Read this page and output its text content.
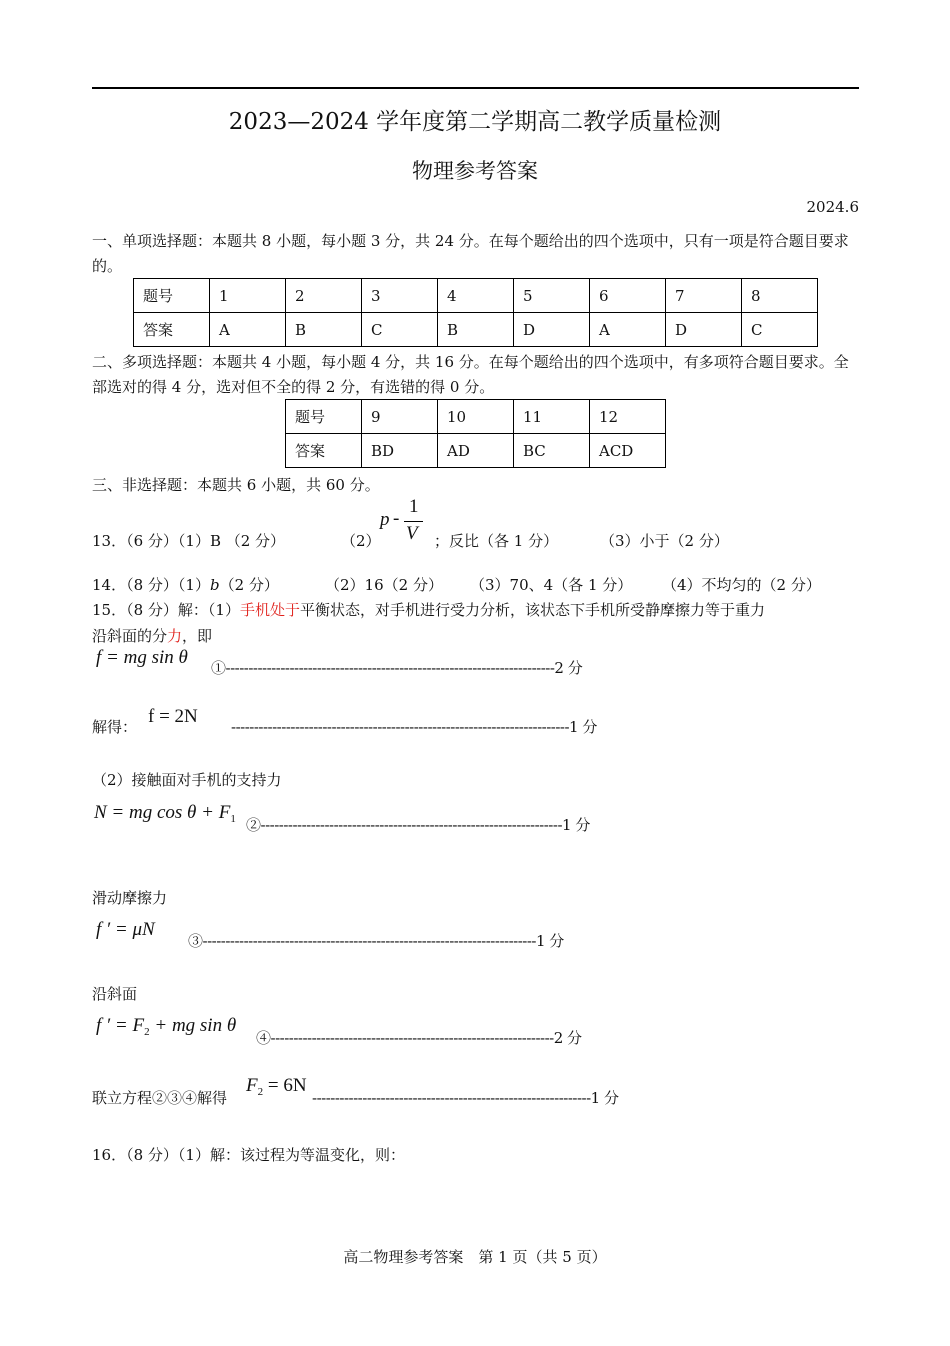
2023—2024 学年度第二学期高二教学质量检测
物理参考答案
2024.6
一、单项选择题：本题共 8 小题，每小题 3 分，共 24 分。在每个题给出的四个选项中，只有一项是符合题目要求的。
题号	1	2	3	4	5	6	7	8
答案	A	B	C	B	D	A	D	C
二、多项选择题：本题共 4 小题，每小题 4 分，共 16 分。在每个题给出的四个选项中，有多项符合题目要求。全部选对的得 4 分，选对但不全的得 2 分，有选错的得 0 分。
题号	9	10	11	12
答案	BD	AD	BC	ACD
三、非选择题：本题共 6 小题，共 60 分。
13．（6 分）（1）B （2 分）	（2）
p -
1
V ；反比（各 1 分）	（3）小于（2 分）
14．（8 分）（1）b（2 分）	（2）16（2 分） （3）70、4（各 1 分） （4）不均匀的（2 分）
15．（8 分）解：（1）手机处于平衡状态，对手机进行受力分析，该状态下手机所受静摩擦力等于重力
沿斜面的分力，即
f = mg sin θ ①------------------------------------------------------------------------2 分
解得： f = 2N --------------------------------------------------------------------------1 分
（2）接触面对手机的支持力
N = mg $\cos \theta + F_1$ ②------------------------------------------------------------------1 分
滑动摩擦力
f ′ = μN
③-------------------------------------------------------------------------1 分
沿斜面
f ′ = $F_2$ + mg sin θ
④--------------------------------------------------------------2 分
联立方程②③④解得
$F_2 = 6N$
-------------------------------------------------------------1 分
16．（8 分）（1）解：该过程为等温变化，则：
高二物理参考答案　第 1 页（共 5 页）
